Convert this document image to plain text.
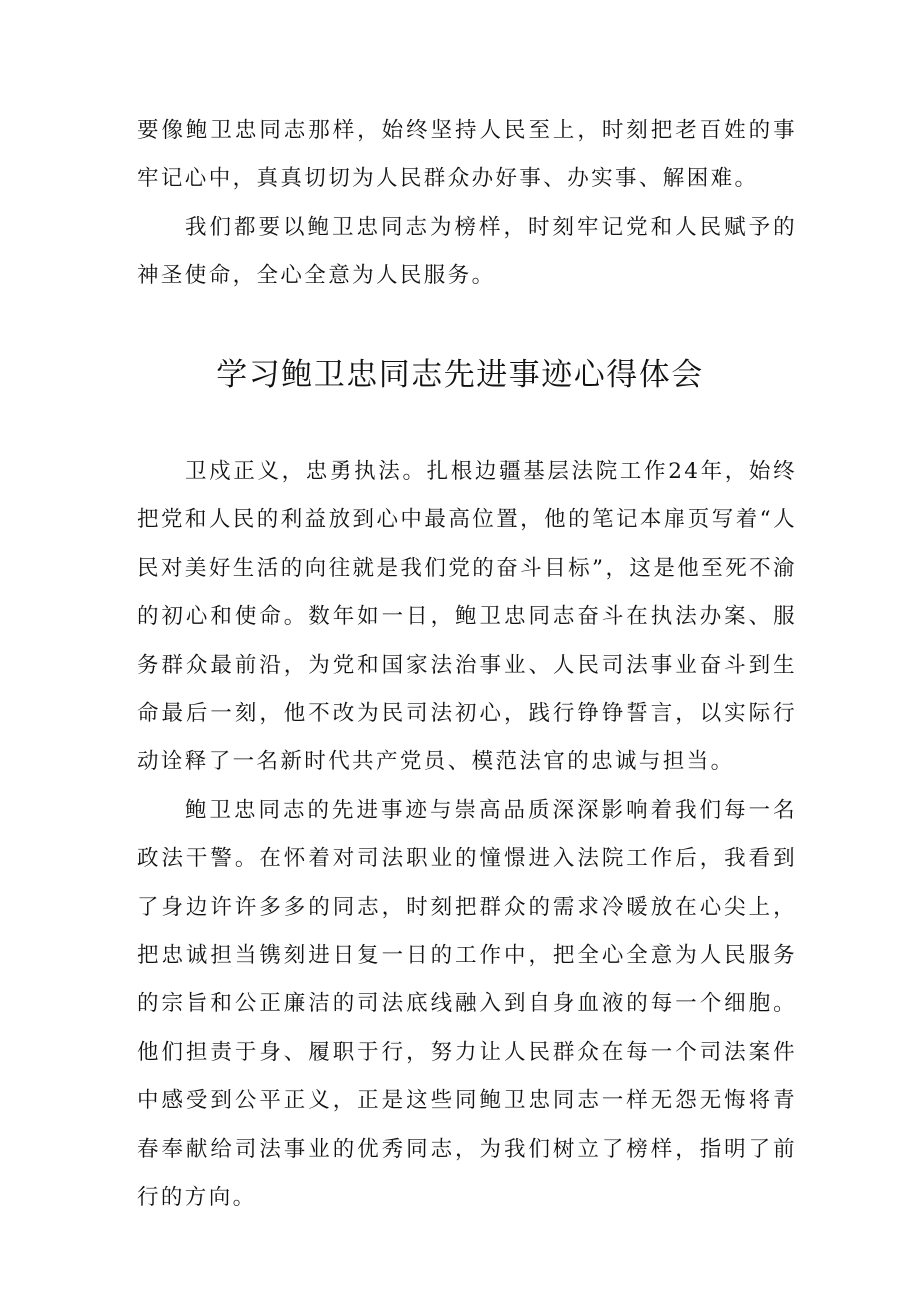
要像鲍卫忠同志那样，始终坚持人民至上，时刻把老百姓的事牢记心中，真真切切为人民群众办好事、办实事、解困难。

我们都要以鲍卫忠同志为榜样，时刻牢记党和人民赋予的神圣使命，全心全意为人民服务。

学习鲍卫忠同志先进事迹心得体会

卫戍正义，忠勇执法。扎根边疆基层法院工作24年，始终把党和人民的利益放到心中最高位置，他的笔记本扉页写着“人民对美好生活的向往就是我们党的奋斗目标”，这是他至死不渝的初心和使命。数年如一日，鲍卫忠同志奋斗在执法办案、服务群众最前沿，为党和国家法治事业、人民司法事业奋斗到生命最后一刻，他不改为民司法初心，践行铮铮誓言，以实际行动诠释了一名新时代共产党员、模范法官的忠诚与担当。

鲍卫忠同志的先进事迹与崇高品质深深影响着我们每一名政法干警。在怀着对司法职业的憧憬进入法院工作后，我看到了身边许许多多的同志，时刻把群众的需求冷暖放在心尖上，把忠诚担当镌刻进日复一日的工作中，把全心全意为人民服务的宗旨和公正廉洁的司法底线融入到自身血液的每一个细胞。他们担责于身、履职于行，努力让人民群众在每一个司法案件中感受到公平正义，正是这些同鲍卫忠同志一样无怨无悔将青春奉献给司法事业的优秀同志，为我们树立了榜样，指明了前行的方向。
